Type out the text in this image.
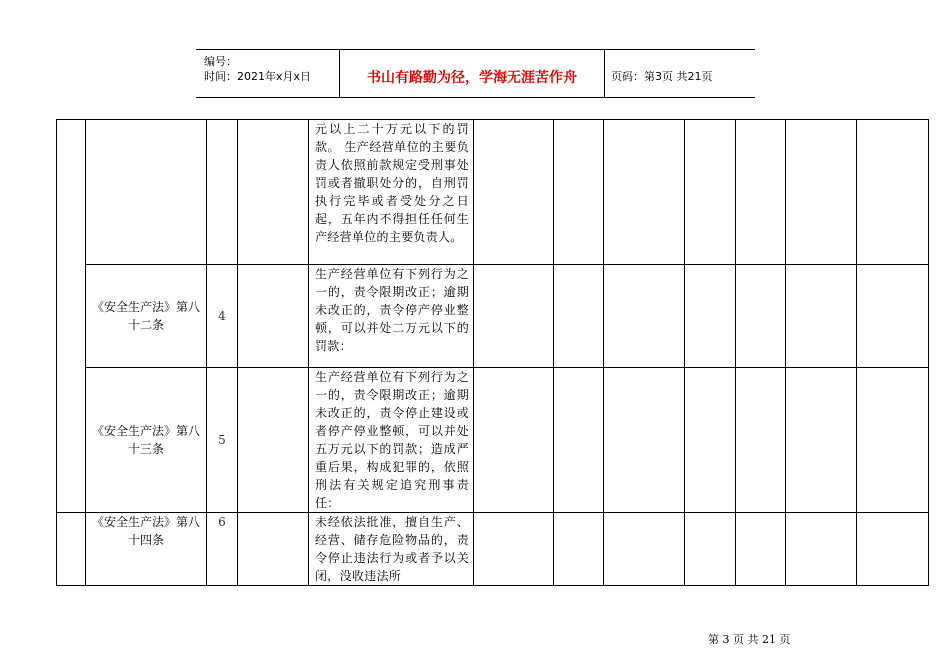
编号：
时间：2021年x月x日	书山有路勤为径，学海无涯苦作舟	页码：第3页 共21页
				元以上二十万元以下的罚款。 生产经营单位的主要负责人依照前款规定受刑事处罚或者撤职处分的，自刑罚执行完毕或者受处分之日起，五年内不得担任任何生产经营单位的主要负责人。							
	《安全生产法》第八十二条	4		生产经营单位有下列行为之一的，责令限期改正；逾期未改正的，责令停产停业整顿，可以并处二万元以下的罚款：							
	《安全生产法》第八十三条	5		生产经营单位有下列行为之一的，责令限期改正；逾期未改正的，责令停止建设或者停产停业整顿，可以并处五万元以下的罚款；造成严重后果，构成犯罪的，依照刑法有关规定追究刑事责任：							
	《安全生产法》第八十四条	6		未经依法批准，擅自生产、经营、储存危险物品的，责令停止违法行为或者予以关闭，没收违法所							
第 3 页 共 21 页
